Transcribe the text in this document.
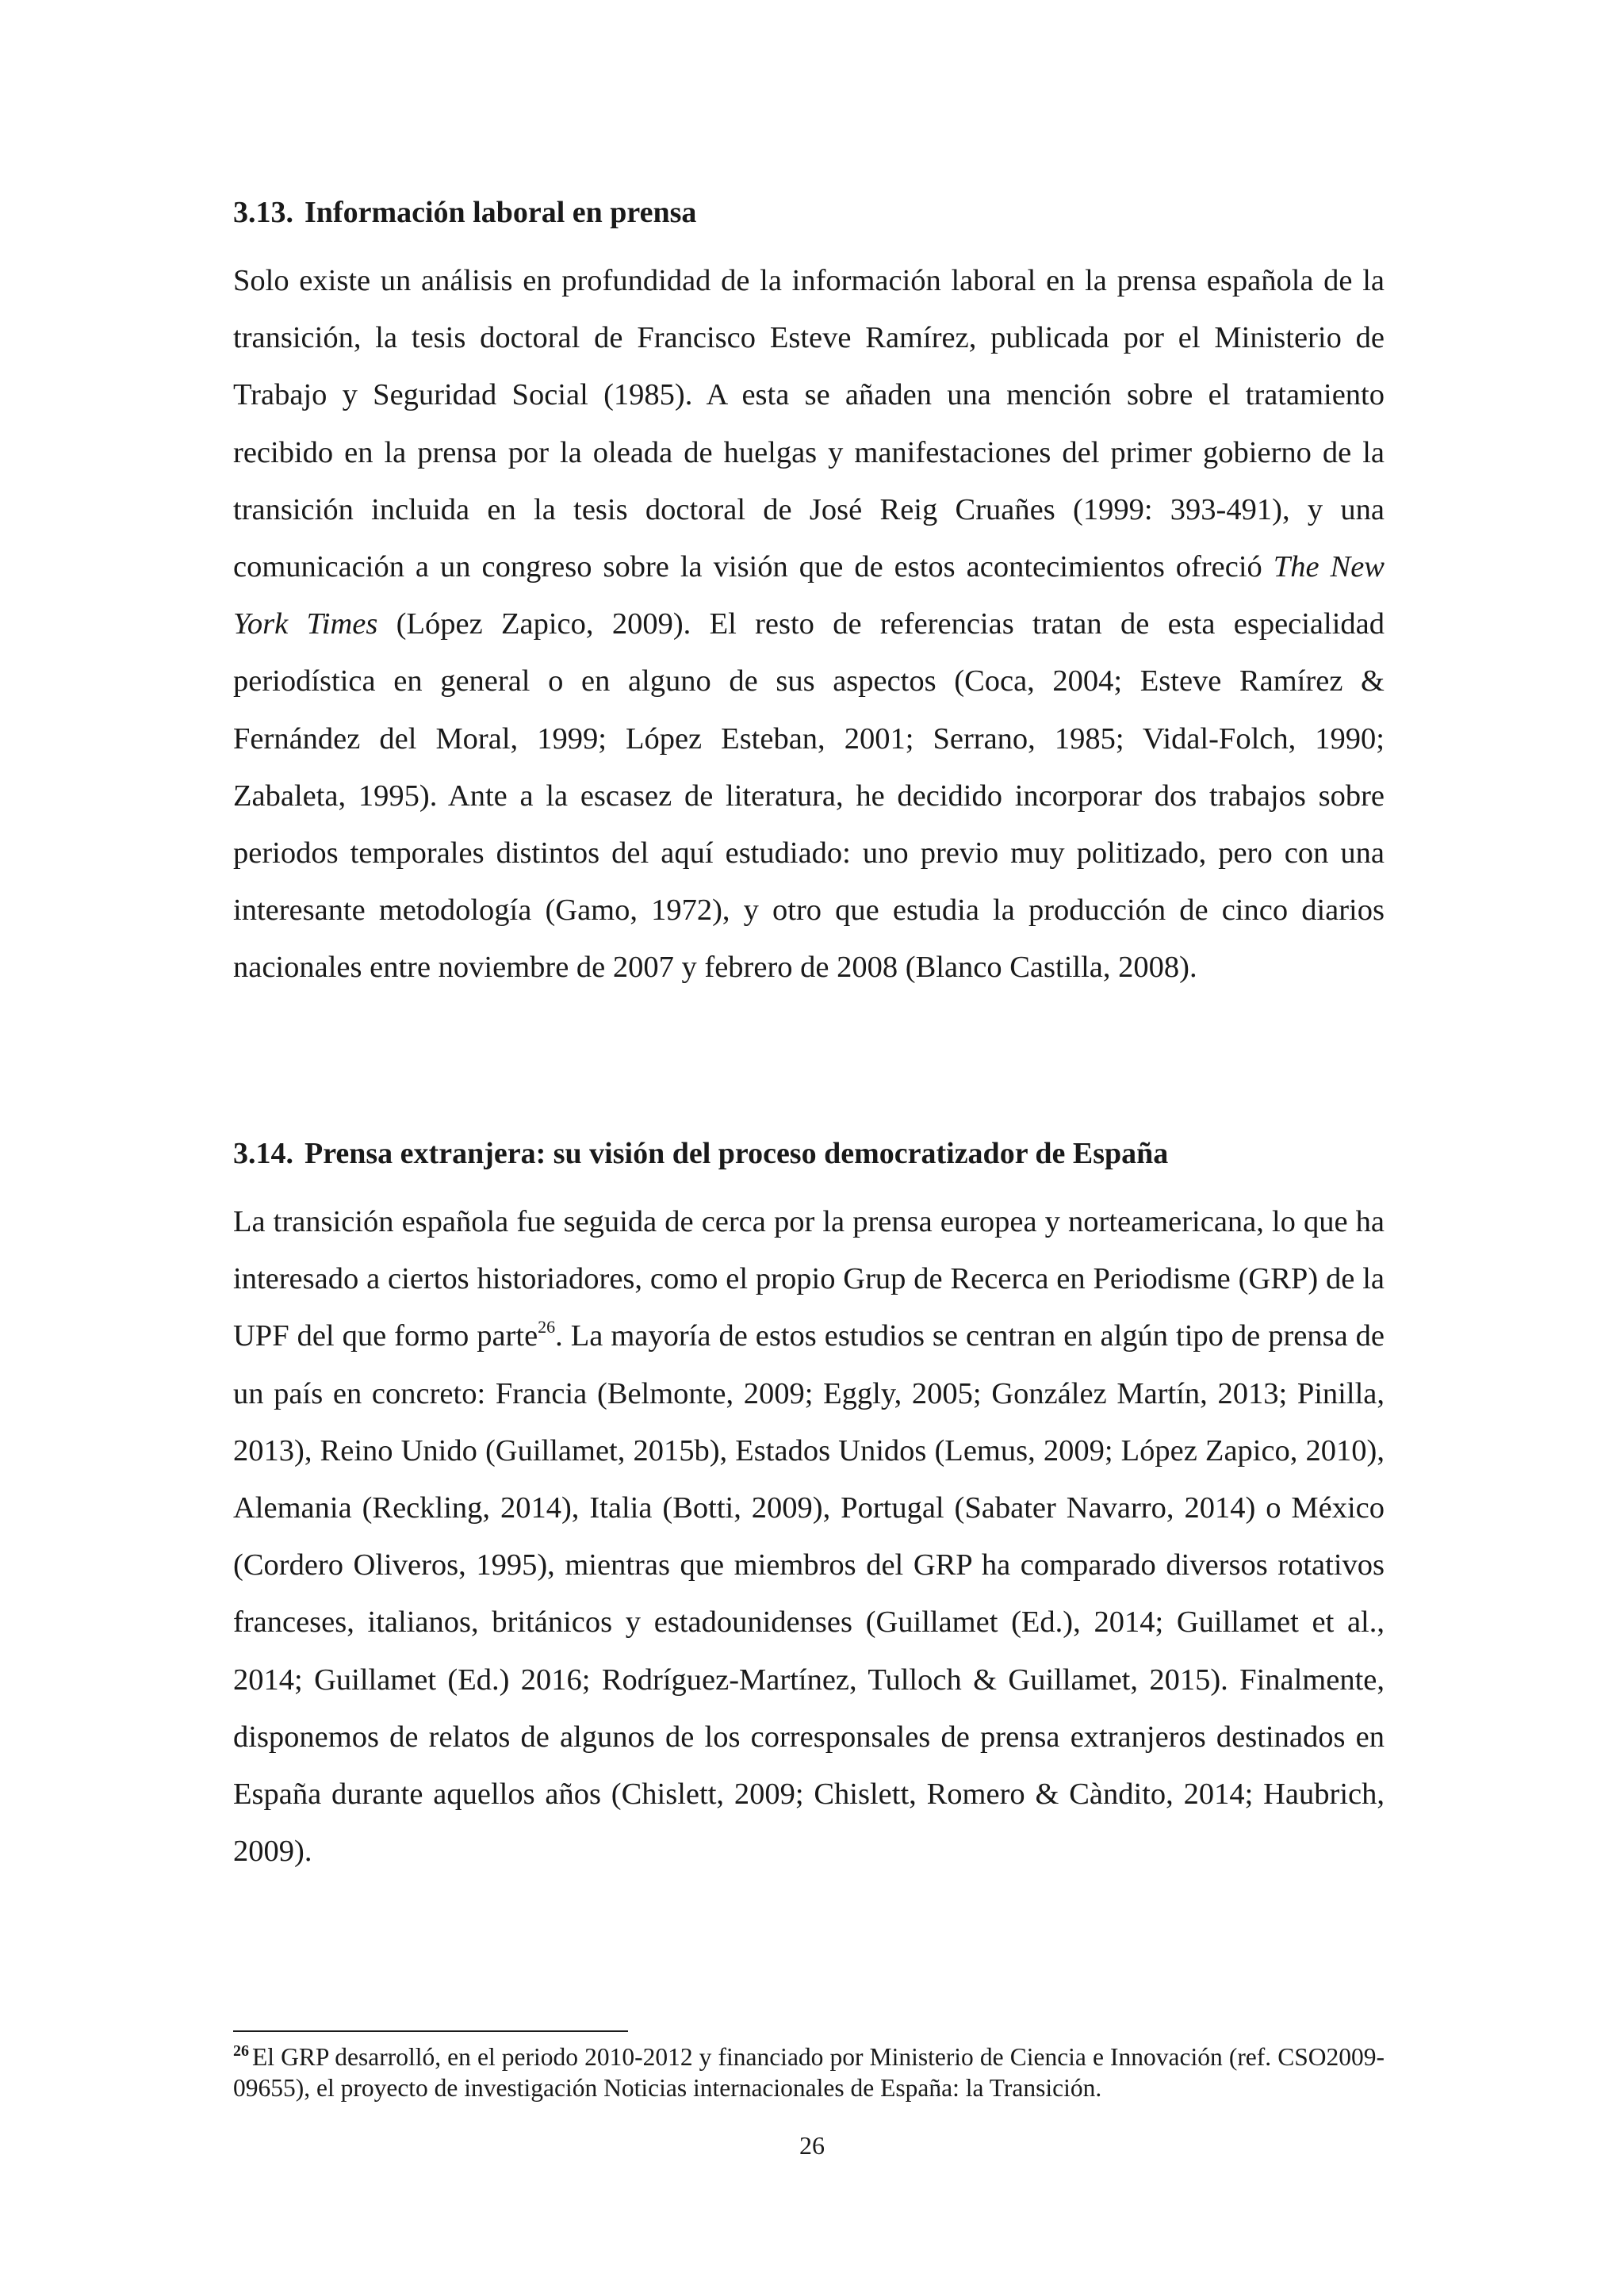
3.13. Información laboral en prensa

Solo existe un análisis en profundidad de la información laboral en la prensa española de la transición, la tesis doctoral de Francisco Esteve Ramírez, publicada por el Ministerio de Trabajo y Seguridad Social (1985). A esta se añaden una mención sobre el tratamiento recibido en la prensa por la oleada de huelgas y manifestaciones del primer gobierno de la transición incluida en la tesis doctoral de José Reig Cruañes (1999: 393-491), y una comunicación a un congreso sobre la visión que de estos acontecimientos ofreció The New York Times (López Zapico, 2009). El resto de referencias tratan de esta especialidad periodística en general o en alguno de sus aspectos (Coca, 2004; Esteve Ramírez & Fernández del Moral, 1999; López Esteban, 2001; Serrano, 1985; Vidal-Folch, 1990; Zabaleta, 1995). Ante a la escasez de literatura, he decidido incorporar dos trabajos sobre periodos temporales distintos del aquí estudiado: uno previo muy politizado, pero con una interesante metodología (Gamo, 1972), y otro que estudia la producción de cinco diarios nacionales entre noviembre de 2007 y febrero de 2008 (Blanco Castilla, 2008).

3.14. Prensa extranjera: su visión del proceso democratizador de España

La transición española fue seguida de cerca por la prensa europea y norteamericana, lo que ha interesado a ciertos historiadores, como el propio Grup de Recerca en Periodisme (GRP) de la UPF del que formo parte$^{26}$. La mayoría de estos estudios se centran en algún tipo de prensa de un país en concreto: Francia (Belmonte, 2009; Eggly, 2005; González Martín, 2013; Pinilla, 2013), Reino Unido (Guillamet, 2015b), Estados Unidos (Lemus, 2009; López Zapico, 2010), Alemania (Reckling, 2014), Italia (Botti, 2009), Portugal (Sabater Navarro, 2014) o México (Cordero Oliveros, 1995), mientras que miembros del GRP ha comparado diversos rotativos franceses, italianos, británicos y estadounidenses (Guillamet (Ed.), 2014; Guillamet et al., 2014; Guillamet (Ed.) 2016; Rodríguez-Martínez, Tulloch & Guillamet, 2015). Finalmente, disponemos de relatos de algunos de los corresponsales de prensa extranjeros destinados en España durante aquellos años (Chislett, 2009; Chislett, Romero & Càndito, 2014; Haubrich, 2009).

$^{26}$ El GRP desarrolló, en el periodo 2010-2012 y financiado por Ministerio de Ciencia e Innovación (ref. CSO2009-09655), el proyecto de investigación Noticias internacionales de España: la Transición.

26
